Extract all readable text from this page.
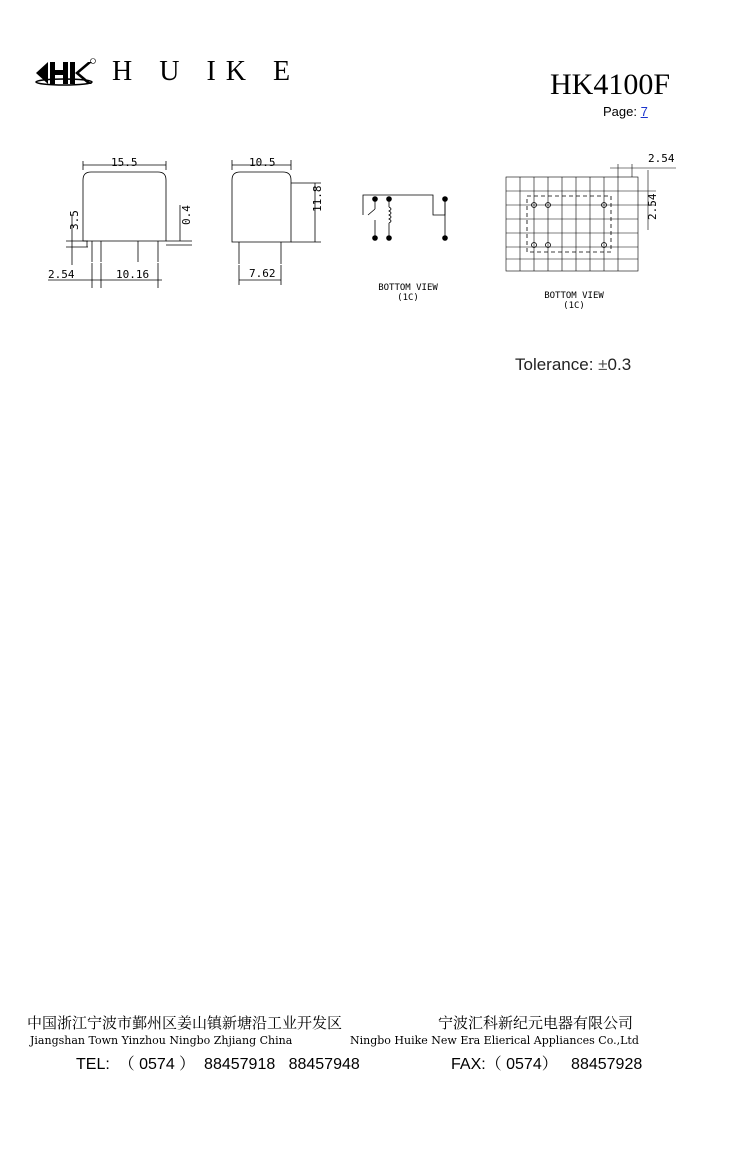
H U IK E	HK4100F
Page: 7
15.5
3.5	0.4
2.54	10.16
10.5
11.8
7.62
BOTTOM VIEW
(1C)
2.54
2.54
BOTTOM VIEW
(1C)
Tolerance: ±0.3
中国浙江宁波市鄞州区姜山镇新塘沿工业开发区	宁波汇科新纪元电器有限公司
Jiangshan Town Yinzhou Ningbo Zhjiang China	Ningbo Huike New Era Elierical Appliances Co.,Ltd
TEL:  （ 0574 ）  88457918   88457948	FAX:（ 0574）   88457928
